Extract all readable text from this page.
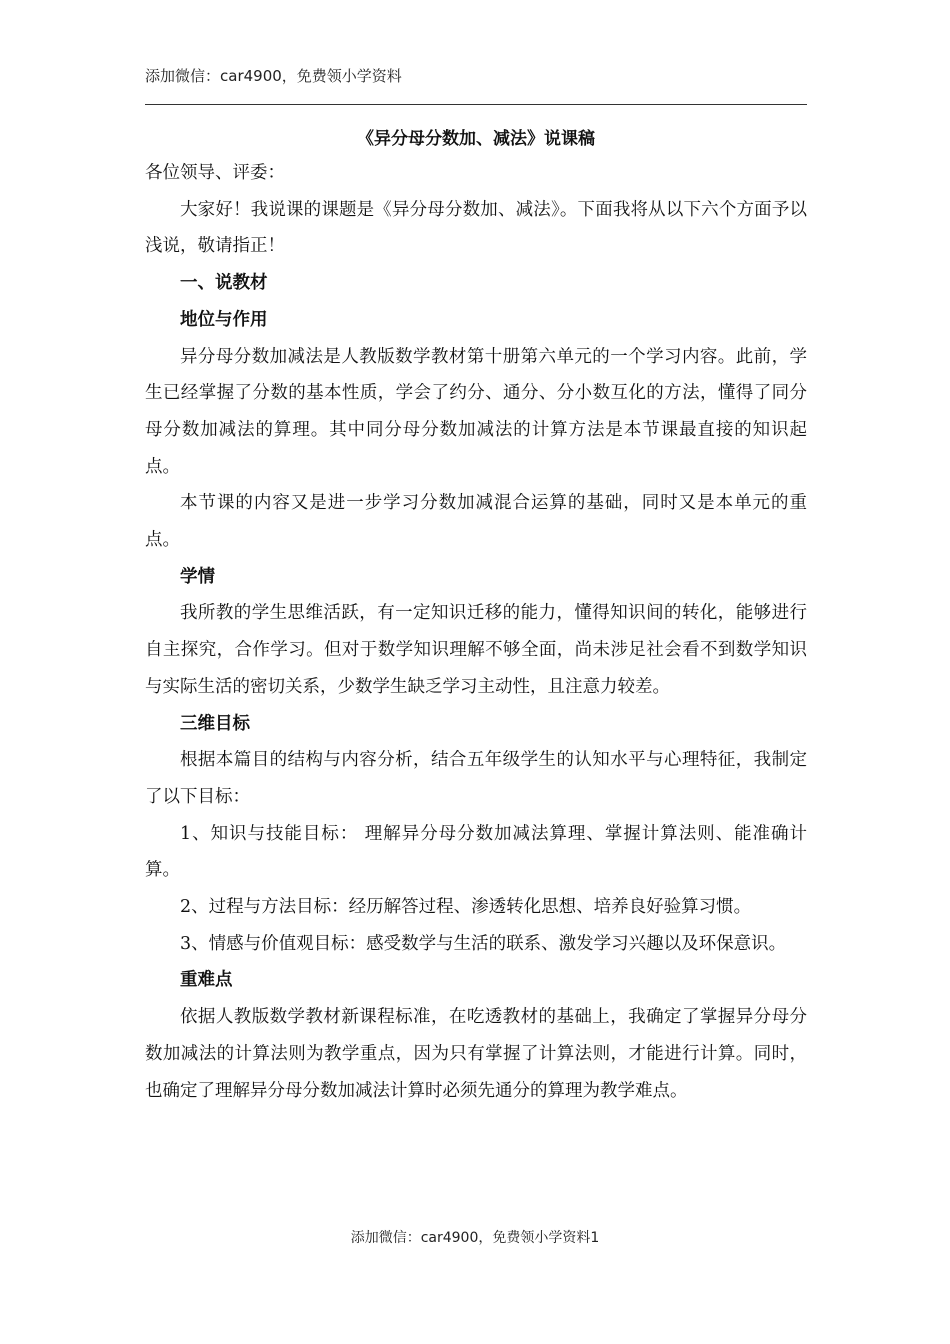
添加微信：car4900，免费领小学资料
《异分母分数加、减法》说课稿

各位领导、评委：

大家好！我说课的课题是《异分母分数加、减法》。下面我将从以下六个方面予以浅说，敬请指正！

一、说教材

地位与作用

异分母分数加减法是人教版数学教材第十册第六单元的一个学习内容。此前，学生已经掌握了分数的基本性质，学会了约分、通分、分小数互化的方法，懂得了同分母分数加减法的算理。其中同分母分数加减法的计算方法是本节课最直接的知识起点。

本节课的内容又是进一步学习分数加减混合运算的基础，同时又是本单元的重点。

学情

我所教的学生思维活跃，有一定知识迁移的能力，懂得知识间的转化，能够进行自主探究，合作学习。但对于数学知识理解不够全面，尚未涉足社会看不到数学知识与实际生活的密切关系，少数学生缺乏学习主动性，且注意力较差。

三维目标

根据本篇目的结构与内容分析，结合五年级学生的认知水平与心理特征，我制定了以下目标：

1、知识与技能目标： 理解异分母分数加减法算理、掌握计算法则、能准确计算。

2、过程与方法目标：经历解答过程、渗透转化思想、培养良好验算习惯。

3、情感与价值观目标：感受数学与生活的联系、激发学习兴趣以及环保意识。

重难点

依据人教版数学教材新课程标准，在吃透教材的基础上，我确定了掌握异分母分数加减法的计算法则为教学重点，因为只有掌握了计算法则，才能进行计算。同时，也确定了理解异分母分数加减法计算时必须先通分的算理为教学难点。

添加微信：car4900，免费领小学资料1
